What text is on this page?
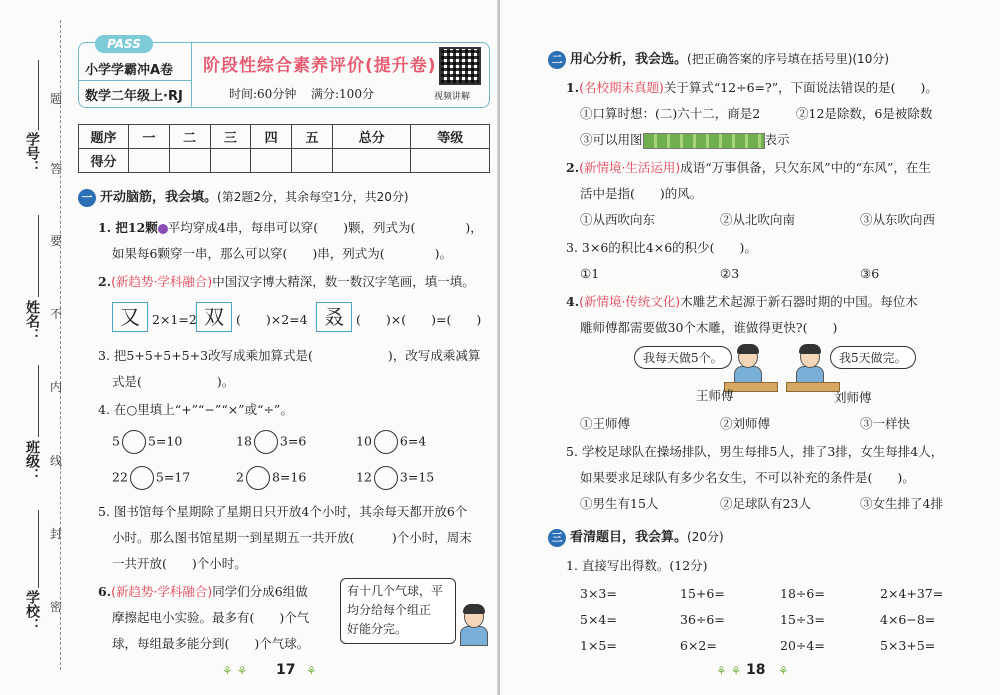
学号：
姓名：
班级：
学校：
题
答
要
不
内
线
封
密
PASS
小学学霸冲A卷
数学二年级上·RJ
阶段性综合素养评价(提升卷)
时间:60分钟 满分:100分	视频讲解
题序	一	二	三	四	五	总分	等级
得分							
一 开动脑筋，我会填。(第2题2分，其余每空1分，共20分)
1. 把12颗 平均穿成4串，每串可以穿(　　)颗，列式为(　　　　)，
如果每6颗穿一串，那么可以穿(　　)串，列式为(　　　　)。
2.(新趋势·学科融合)中国汉字博大精深，数一数汉字笔画，填一填。
又 2×1=2 双 (　　)×2=4 叒 (　　)×(　　)=(　　)
3. 把5+5+5+5+3改写成乘加算式是(　　　　　　)，改写成乘减算
式是(　　　　　　)。
4. 在○里填上“+”“−”“×”或“÷”。
5 5=10	18 3=6	10 6=4
22 5=17	2 8=16	12 3=15
5. 图书馆每个星期除了星期日只开放4个小时，其余每天都开放6个
小时。那么图书馆星期一到星期五一共开放(　　　)个小时，周末
一共开放(　　)个小时。
6.(新趋势·学科融合)同学们分成6组做
摩擦起电小实验。最多有(　　)个气
球，每组最多能分到(　　)个气球。
有十几个气球，平
均分给每个组正
好能分完。
⚘ ⚘ 17 ⚘
二 用心分析，我会选。(把正确答案的序号填在括号里)(10分)
1.(名校期末真题)关于算式“12÷6=?”，下面说法错误的是(　　)。
①口算时想：(二)六十二，商是2	②12是除数，6是被除数
③可以用图	表示
2.(新情境·生活运用)成语“万事俱备，只欠东风”中的“东风”，在生
活中是指(　　)的风。
①从西吹向东	②从北吹向南	③从东吹向西
3. 3×6的积比4×6的积少(　　)。
①1	②3	③6
4.(新情境·传统文化)木雕艺术起源于新石器时期的中国。每位木
雕师傅都需要做30个木雕，谁做得更快?(　　)
我每天做5个。	我5天做完。
王师傅	刘师傅
①王师傅	②刘师傅	③一样快
5. 学校足球队在操场排队，男生每排5人，排了3排，女生每排4人，
如果要求足球队有多少名女生，不可以补充的条件是(　　)。
①男生有15人	②足球队有23人	③女生排了4排
三 看清题目，我会算。(20分)
1. 直接写出得数。(12分)
3×3=	15+6=	18÷6=	2×4+37=
5×4=	36÷6=	15÷3=	4×6−8=
1×5=	6×2=	20÷4=	5×3+5=
⚘ ⚘ 18 ⚘
